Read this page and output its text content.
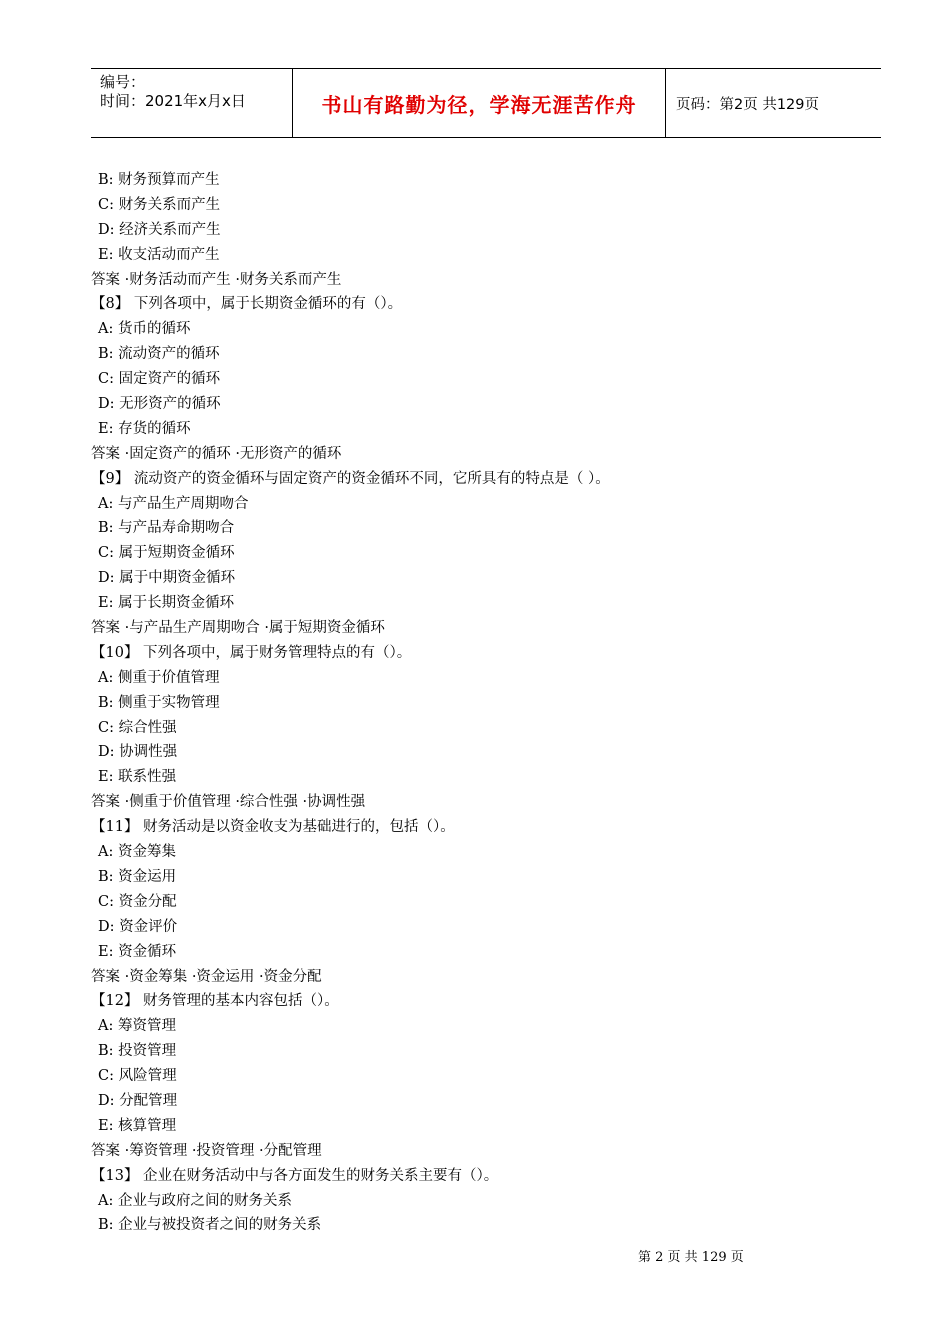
编号：
时间：2021年x月x日	书山有路勤为径，学海无涯苦作舟	页码：第2页 共129页
B: 财务预算而产生
C: 财务关系而产生
D: 经济关系而产生
E: 收支活动而产生
答案 ·财务活动而产生 ·财务关系而产生
【8】 下列各项中，属于长期资金循环的有（）。
A: 货币的循环
B: 流动资产的循环
C: 固定资产的循环
D: 无形资产的循环
E: 存货的循环
答案 ·固定资产的循环 ·无形资产的循环
【9】 流动资产的资金循环与固定资产的资金循环不同，它所具有的特点是（ ）。
A: 与产品生产周期吻合
B: 与产品寿命期吻合
C: 属于短期资金循环
D: 属于中期资金循环
E: 属于长期资金循环
答案 ·与产品生产周期吻合 ·属于短期资金循环
【10】 下列各项中，属于财务管理特点的有（）。
A: 侧重于价值管理
B: 侧重于实物管理
C: 综合性强
D: 协调性强
E: 联系性强
答案 ·侧重于价值管理 ·综合性强 ·协调性强
【11】 财务活动是以资金收支为基础进行的，包括（）。
A: 资金筹集
B: 资金运用
C: 资金分配
D: 资金评价
E: 资金循环
答案 ·资金筹集 ·资金运用 ·资金分配
【12】 财务管理的基本内容包括（）。
A: 筹资管理
B: 投资管理
C: 风险管理
D: 分配管理
E: 核算管理
答案 ·筹资管理 ·投资管理 ·分配管理
【13】 企业在财务活动中与各方面发生的财务关系主要有（）。
A: 企业与政府之间的财务关系
B: 企业与被投资者之间的财务关系
第 2 页 共 129 页
